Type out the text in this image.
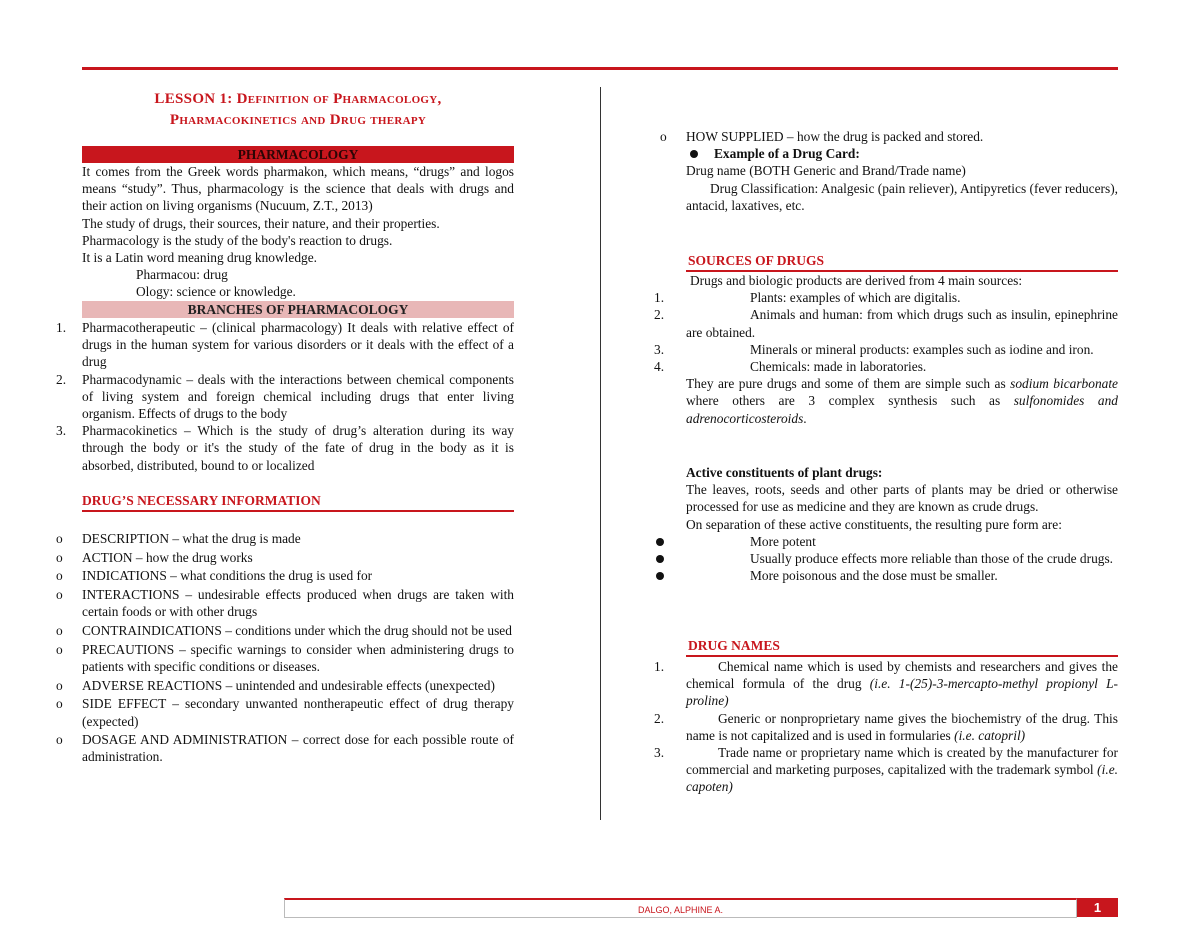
LESSON 1: Definition of Pharmacology,
Pharmacokinetics and Drug therapy
PHARMACOLOGY
It comes from the Greek words pharmakon, which means, “drugs” and logos means “study”. Thus, pharmacology is the science that deals with drugs and their action on living organisms (Nucuum, Z.T., 2013)
The study of drugs, their sources, their nature, and their properties.
Pharmacology is the study of the body's reaction to drugs.
It is a Latin word meaning drug knowledge.
Pharmacou: drug
Ology: science or knowledge.
BRANCHES OF PHARMACOLOGY
1. Pharmacotherapeutic – (clinical pharmacology) It deals with relative effect of drugs in the human system for various disorders or it deals with the effect of a drug
2. Pharmacodynamic – deals with the interactions between chemical components of living system and foreign chemical including drugs that enter living organism. Effects of drugs to the body
3. Pharmacokinetics – Which is the study of drug’s alteration during its way through the body or it's the study of the fate of drug in the body as it is absorbed, distributed, bound to or localized
DRUG’S NECESSARY INFORMATION
o DESCRIPTION – what the drug is made
o ACTION – how the drug works
o INDICATIONS – what conditions the drug is used for
o INTERACTIONS – undesirable effects produced when drugs are taken with certain foods or with other drugs
o CONTRAINDICATIONS – conditions under which the drug should not be used
o PRECAUTIONS – specific warnings to consider when administering drugs to patients with specific conditions or diseases.
o ADVERSE REACTIONS – unintended and undesirable effects (unexpected)
o SIDE EFFECT – secondary unwanted nontherapeutic effect of drug therapy (expected)
o DOSAGE AND ADMINISTRATION – correct dose for each possible route of administration.
o HOW SUPPLIED – how the drug is packed and stored.
Example of a Drug Card:
Drug name (BOTH Generic and Brand/Trade name)
Drug Classification: Analgesic (pain reliever), Antipyretics (fever reducers), antacid, laxatives, etc.
SOURCES OF DRUGS
Drugs and biologic products are derived from 4 main sources:
1.	Plants: examples of which are digitalis.
2.	Animals and human: from which drugs such as insulin, epinephrine are obtained.
3.	Minerals or mineral products: examples such as iodine and iron.
4.	Chemicals: made in laboratories.
They are pure drugs and some of them are simple such as sodium bicarbonate where others are 3 complex synthesis such as sulfonomides and adrenocorticosteroids.
Active constituents of plant drugs:
The leaves, roots, seeds and other parts of plants may be dried or otherwise processed for use as medicine and they are known as crude drugs.
On separation of these active constituents, the resulting pure form are:
More potent
Usually produce effects more reliable than those of the crude drugs.
More poisonous and the dose must be smaller.
DRUG NAMES
1.	Chemical name which is used by chemists and researchers and gives the chemical formula of the drug (i.e. 1-(25)-3-mercapto-methyl propionyl L-proline)
2.	Generic or nonproprietary name gives the biochemistry of the drug. This name is not capitalized and is used in formularies (i.e. catopril)
3.	Trade name or proprietary name which is created by the manufacturer for commercial and marketing purposes, capitalized with the trademark symbol (i.e. capoten)
DALGO, ALPHINE A.	1
